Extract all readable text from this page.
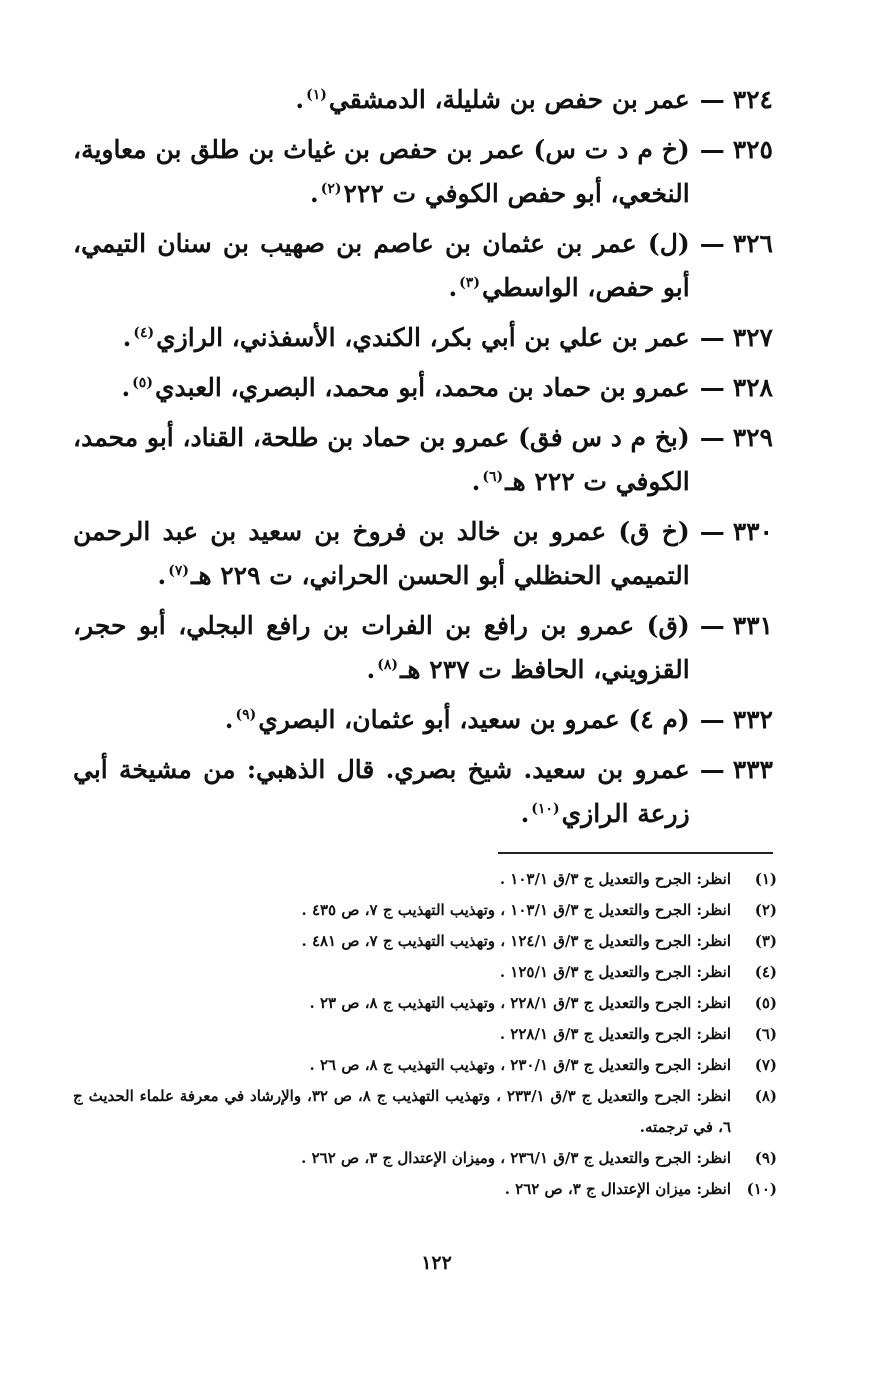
٣٢٤
—
عمر بن حفص بن شليلة، الدمشقي$^{(١)}$.
٣٢٥
—
(خ م د ت س) عمر بن حفص بن غياث بن طلق بن معاوية، النخعي، أبو حفص الكوفي ت ٢٢٢$^{(٢)}$.
٣٢٦
—
(ل) عمر بن عثمان بن عاصم بن صهيب بن سنان التيمي، أبو حفص، الواسطي$^{(٣)}$.
٣٢٧
—
عمر بن علي بن أبي بكر، الكندي، الأسفذني، الرازي$^{(٤)}$.
٣٢٨
—
عمرو بن حماد بن محمد، أبو محمد، البصري، العبدي$^{(٥)}$.
٣٢٩
—
(بخ م د س فق) عمرو بن حماد بن طلحة، القناد، أبو محمد، الكوفي ت ٢٢٢ هـ$^{(٦)}$.
٣٣٠
—
(خ ق) عمرو بن خالد بن فروخ بن سعيد بن عبد الرحمن التميمي الحنظلي أبو الحسن الحراني، ت ٢٢٩ هـ$^{(٧)}$.
٣٣١
—
(ق) عمرو بن رافع بن الفرات بن رافع البجلي، أبو حجر، القزويني، الحافظ ت ٢٣٧ هـ$^{(٨)}$.
٣٣٢
—
(م ٤) عمرو بن سعيد، أبو عثمان، البصري$^{(٩)}$.
٣٣٣
—
عمرو بن سعيد. شيخ بصري. قال الذهبي: من مشيخة أبي زرعة الرازي$^{(١٠)}$.
(١)
انظر: الجرح والتعديل ج ٣/ق ١٠٣/١ .
(٢)
انظر: الجرح والتعديل ج ٣/ق ١٠٣/١ ، وتهذيب التهذيب ج ٧، ص ٤٣٥ .
(٣)
انظر: الجرح والتعديل ج ٣/ق ١٢٤/١ ، وتهذيب التهذيب ج ٧، ص ٤٨١ .
(٤)
انظر: الجرح والتعديل ج ٣/ق ١٢٥/١ .
(٥)
انظر: الجرح والتعديل ج ٣/ق ٢٢٨/١ ، وتهذيب التهذيب ج ٨، ص ٢٣ .
(٦)
انظر: الجرح والتعديل ج ٣/ق ٢٢٨/١ .
(٧)
انظر: الجرح والتعديل ج ٣/ق ٢٣٠/١ ، وتهذيب التهذيب ج ٨، ص ٢٦ .
(٨)
انظر: الجرح والتعديل ج ٣/ق ٢٣٣/١ ، وتهذيب التهذيب ج ٨، ص ٣٢، والإرشاد في معرفة علماء الحديث ج ٦، في ترجمته.
(٩)
انظر: الجرح والتعديل ج ٣/ق ٢٣٦/١ ، وميزان الإعتدال ج ٣، ص ٢٦٢ .
(١٠)
انظر: ميزان الإعتدال ج ٣، ص ٢٦٢ .
١٢٢
